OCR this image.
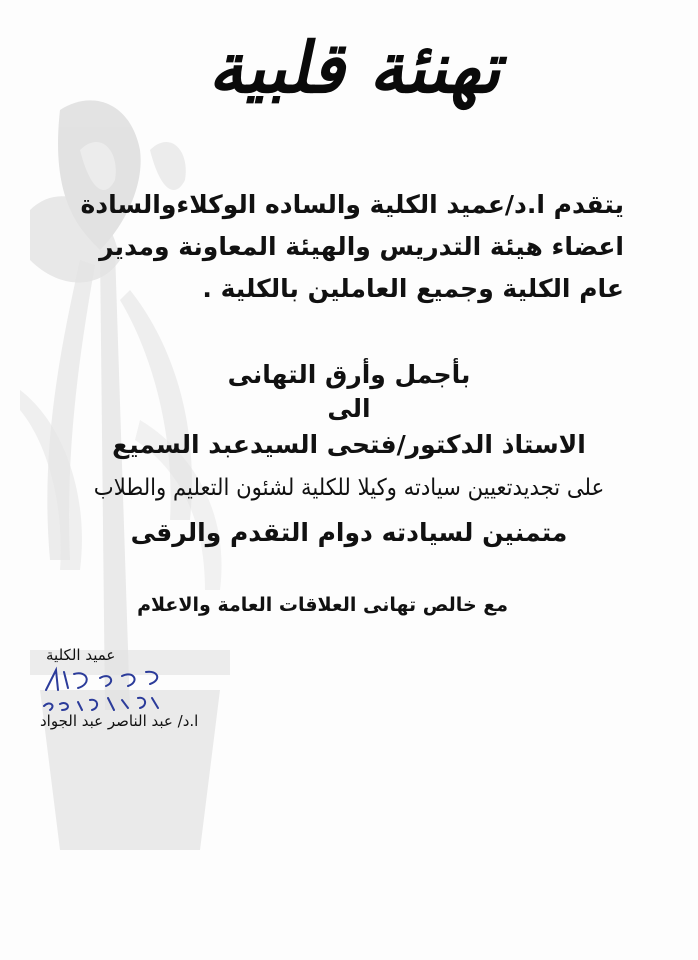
تهنئة قلبية
يتقدم ا.د/عميد الكلية والساده الوكلاءوالسادة
اعضاء هيئة التدريس والهيئة المعاونة ومدير
عام الكلية وجميع العاملين بالكلية .
بأجمل وأرق التهانى
الى
الاستاذ الدكتور/فتحى السيدعبد السميع
على تجديدتعيين سيادته وكيلا للكلية لشئون التعليم والطلاب
متمنين لسيادته دوام التقدم والرقى
مع خالص تهانى العلاقات العامة والاعلام
عميد الكلية
ا.د/ عبد الناصر عبد الجواد
